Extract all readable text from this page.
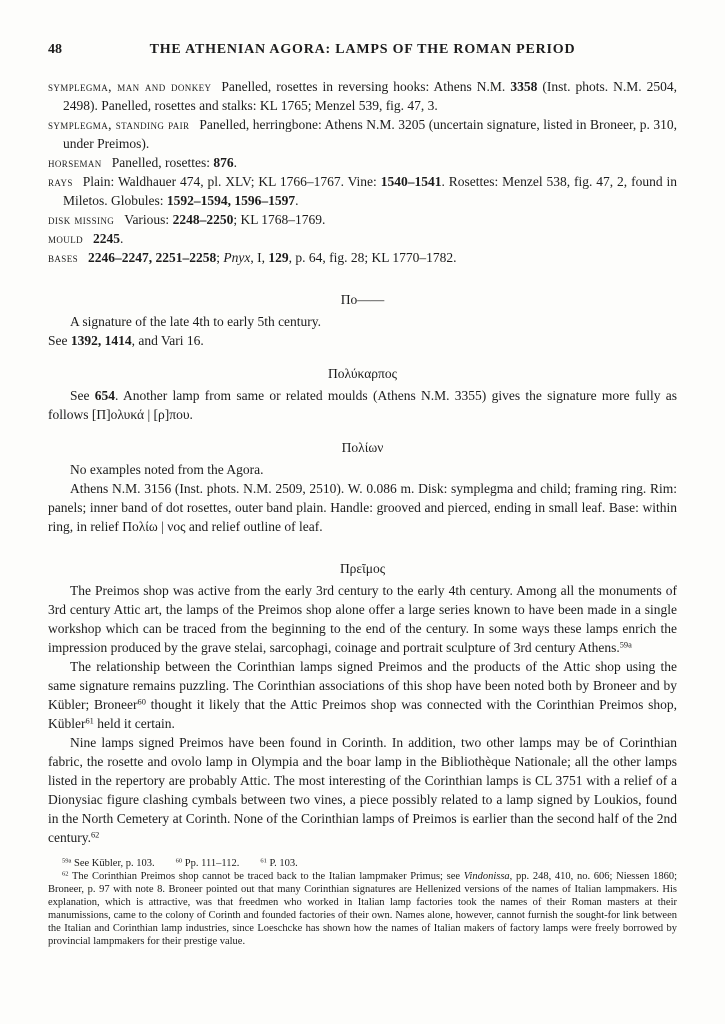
48	THE ATHENIAN AGORA: LAMPS OF THE ROMAN PERIOD

symplegma, man and donkey Panelled, rosettes in reversing hooks: Athens N.M. 3358 (Inst. phots. N.M. 2504, 2498). Panelled, rosettes and stalks: KL 1765; Menzel 539, fig. 47, 3.

symplegma, standing pair Panelled, herringbone: Athens N.M. 3205 (uncertain signature, listed in Broneer, p. 310, under Preimos).

horseman Panelled, rosettes: 876.

rays Plain: Waldhauer 474, pl. XLV; KL 1766–1767. Vine: 1540–1541. Rosettes: Menzel 538, fig. 47, 2, found in Miletos. Globules: 1592–1594, 1596–1597.

disk missing Various: 2248–2250; KL 1768–1769.

mould 2245.

bases 2246–2247, 2251–2258; Pnyx, I, 129, p. 64, fig. 28; KL 1770–1782.

Πο——

A signature of the late 4th to early 5th century.

See 1392, 1414, and Vari 16.

Πολύκαρπος

See 654. Another lamp from same or related moulds (Athens N.M. 3355) gives the signature more fully as follows [Π]ολυκά | [ρ]που.

Πολίων

No examples noted from the Agora.

Athens N.M. 3156 (Inst. phots. N.M. 2509, 2510). W. 0.086 m. Disk: symplegma and child; framing ring. Rim: panels; inner band of dot rosettes, outer band plain. Handle: grooved and pierced, ending in small leaf. Base: within ring, in relief Πολίω | νος and relief outline of leaf.

Πρεῖμος

The Preimos shop was active from the early 3rd century to the early 4th century. Among all the monuments of 3rd century Attic art, the lamps of the Preimos shop alone offer a large series known to have been made in a single workshop which can be traced from the beginning to the end of the century. In some ways these lamps enrich the impression produced by the grave stelai, sarcophagi, coinage and portrait sculpture of 3rd century Athens.$^{59a}$

The relationship between the Corinthian lamps signed Preimos and the products of the Attic shop using the same signature remains puzzling. The Corinthian associations of this shop have been noted both by Broneer and by Kübler; Broneer$^{60}$ thought it likely that the Attic Preimos shop was connected with the Corinthian Preimos shop, Kübler$^{61}$ held it certain.

Nine lamps signed Preimos have been found in Corinth. In addition, two other lamps may be of Corinthian fabric, the rosette and ovolo lamp in Olympia and the boar lamp in the Bibliothèque Nationale; all the other lamps listed in the repertory are probably Attic. The most interesting of the Corinthian lamps is CL 3751 with a relief of a Dionysiac figure clashing cymbals between two vines, a piece possibly related to a lamp signed by Loukios, found in the North Cemetery at Corinth. None of the Corinthian lamps of Preimos is earlier than the second half of the 2nd century.$^{62}$

$^{59a}$ See Kübler, p. 103.  	$^{60}$ Pp. 111–112.  	$^{61}$ P. 103.

$^{62}$ The Corinthian Preimos shop cannot be traced back to the Italian lampmaker Primus; see Vindonissa, pp. 248, 410, no. 606; Niessen 1860; Broneer, p. 97 with note 8. Broneer pointed out that many Corinthian signatures are Hellenized versions of the names of Italian lampmakers. His explanation, which is attractive, was that freedmen who worked in Italian lamp factories took the names of their Roman masters at their manumissions, came to the colony of Corinth and founded factories of their own. Names alone, however, cannot furnish the sought-for link between the Italian and Corinthian lamp industries, since Loeschcke has shown how the names of Italian makers of factory lamps were freely borrowed by provincial lampmakers for their prestige value.
